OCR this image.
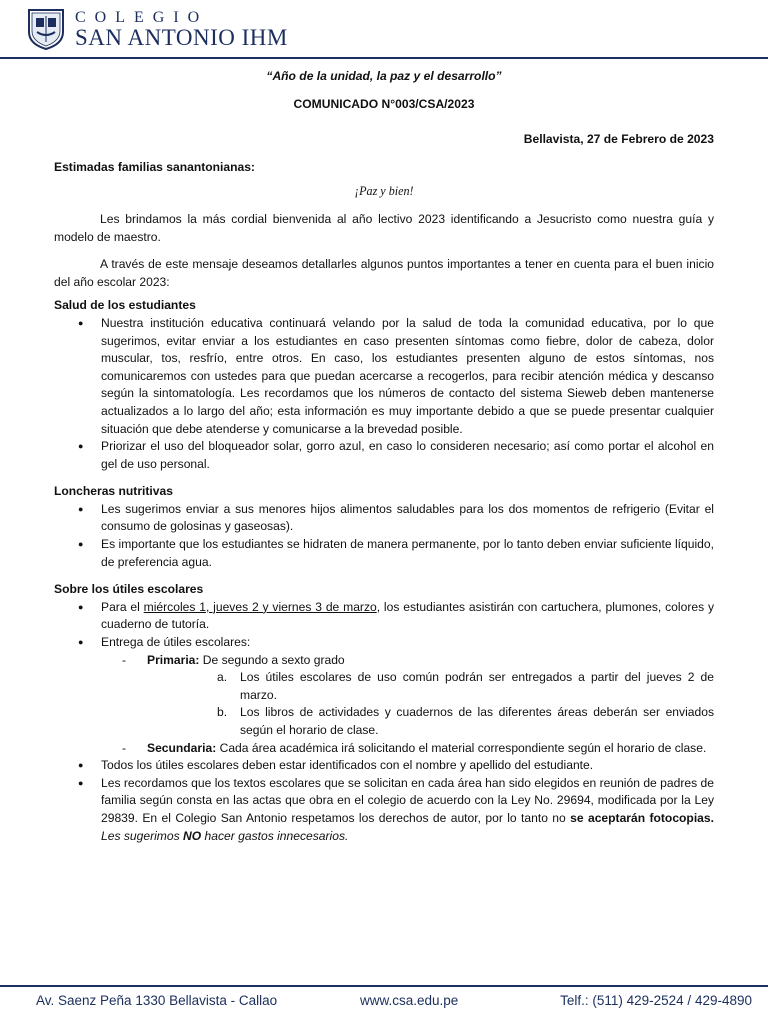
COLEGIO
SAN ANTONIO IHM

“Año de la unidad, la paz y el desarrollo”

COMUNICADO N°003/CSA/2023

Bellavista, 27 de Febrero de 2023

Estimadas familias sanantonianas:

¡Paz y bien!

Les brindamos la más cordial bienvenida al año lectivo 2023 identificando a Jesucristo como nuestra guía y modelo de maestro.

A través de este mensaje deseamos detallarles algunos puntos importantes a tener en cuenta para el buen inicio del año escolar 2023:

Salud de los estudiantes

● Nuestra institución educativa continuará velando por la salud de toda la comunidad educativa, por lo que sugerimos, evitar enviar a los estudiantes en caso presenten síntomas como fiebre, dolor de cabeza, dolor muscular, tos, resfrío, entre otros. En caso, los estudiantes presenten alguno de estos síntomas, nos comunicaremos con ustedes para que puedan acercarse a recogerlos, para recibir atención médica y descanso según la sintomatología. Les recordamos que los números de contacto del sistema Sieweb deben mantenerse actualizados a lo largo del año; esta información es muy importante debido a que se puede presentar cualquier situación que debe atenderse y comunicarse a la brevedad posible.
● Priorizar el uso del bloqueador solar, gorro azul, en caso lo consideren necesario; así como portar el alcohol en gel de uso personal.

Loncheras nutritivas

● Les sugerimos enviar a sus menores hijos alimentos saludables para los dos momentos de refrigerio (Evitar el consumo de golosinas y gaseosas).
● Es importante que los estudiantes se hidraten de manera permanente, por lo tanto deben enviar suficiente líquido, de preferencia agua.

Sobre los útiles escolares

● Para el miércoles 1, jueves 2 y viernes 3 de marzo, los estudiantes asistirán con cartuchera, plumones, colores y cuaderno de tutoría.
● Entrega de útiles escolares:
- Primaria: De segundo a sexto grado
a. Los útiles escolares de uso común podrán ser entregados a partir del jueves 2 de marzo.
b. Los libros de actividades y cuadernos de las diferentes áreas deberán ser enviados según el horario de clase.
- Secundaria: Cada área académica irá solicitando el material correspondiente según el horario de clase.
● Todos los útiles escolares deben estar identificados con el nombre y apellido del estudiante.
● Les recordamos que los textos escolares que se solicitan en cada área han sido elegidos en reunión de padres de familia según consta en las actas que obra en el colegio de acuerdo con la Ley No. 29694, modificada por la Ley 29839. En el Colegio San Antonio respetamos los derechos de autor, por lo tanto no se aceptarán fotocopias. Les sugerimos NO hacer gastos innecesarios.
Av. Saenz Peña 1330 Bellavista - Callao	www.csa.edu.pe	Telf.: (511) 429-2524 / 429-4890
